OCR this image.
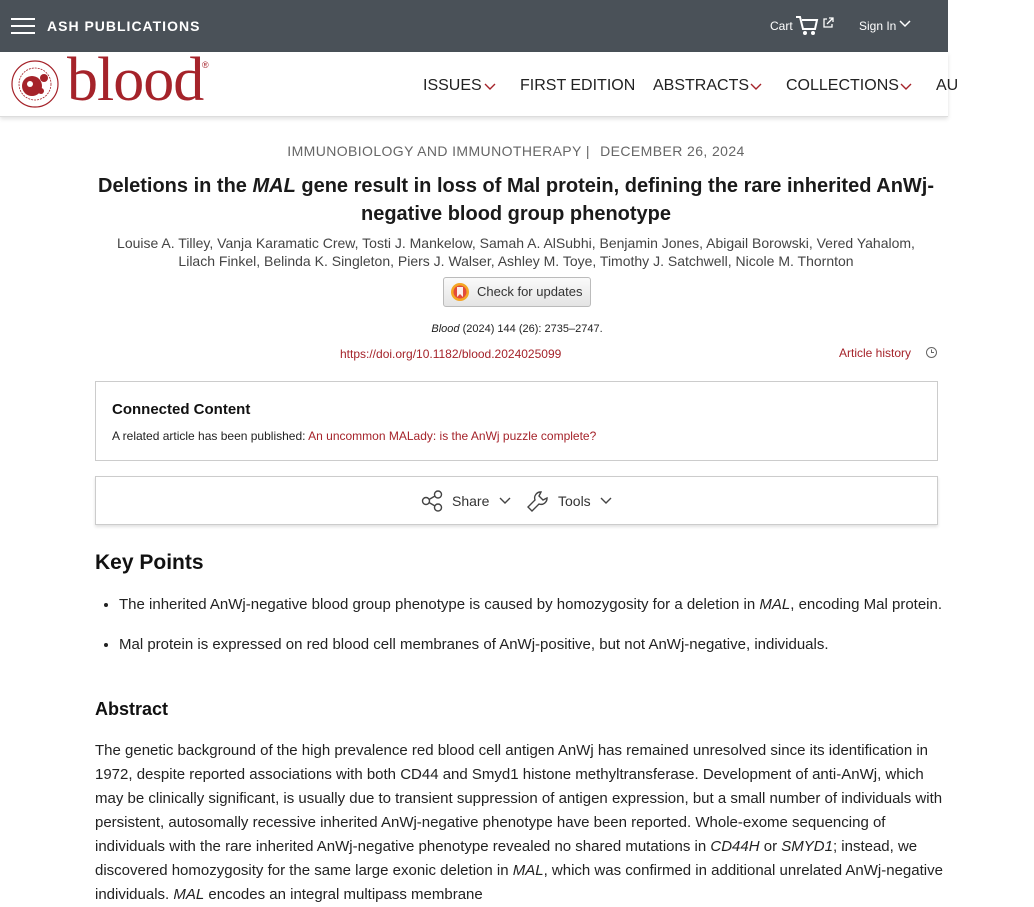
ASH PUBLICATIONS	Cart	Sign In
blood
®
ISSUES FIRST EDITION ABSTRACTS COLLECTIONS AU
IMMUNOBIOLOGY AND IMMUNOTHERAPY | DECEMBER 26, 2024
Deletions in the MAL gene result in loss of Mal protein, defining the rare inherited AnWj-negative blood group phenotype
Louise A. Tilley, Vanja Karamatic Crew, Tosti J. Mankelow, Samah A. AlSubhi, Benjamin Jones, Abigail Borowski, Vered Yahalom,
Lilach Finkel, Belinda K. Singleton, Piers J. Walser, Ashley M. Toye, Timothy J. Satchwell, Nicole M. Thornton
Check for updates
Blood (2024) 144 (26): 2735–2747.
https://doi.org/10.1182/blood.2024025099	Article history
Connected Content
A related article has been published: An uncommon MALady: is the AnWj puzzle complete?
Share	Tools
Key Points
• The inherited AnWj-negative blood group phenotype is caused by homozygosity for a deletion in MAL, encoding Mal protein.
• Mal protein is expressed on red blood cell membranes of AnWj-positive, but not AnWj-negative, individuals.
Abstract

The genetic background of the high prevalence red blood cell antigen AnWj has remained unresolved since its identification in 1972, despite reported associations with both CD44 and Smyd1 histone methyltransferase. Development of anti-AnWj, which may be clinically significant, is usually due to transient suppression of antigen expression, but a small number of individuals with persistent, autosomally recessive inherited AnWj-negative phenotype have been reported. Whole-exome sequencing of individuals with the rare inherited AnWj-negative phenotype revealed no shared mutations in CD44H or SMYD1; instead, we discovered homozygosity for the same large exonic deletion in MAL, which was confirmed in additional unrelated AnWj-negative individuals. MAL encodes an integral multipass membrane
